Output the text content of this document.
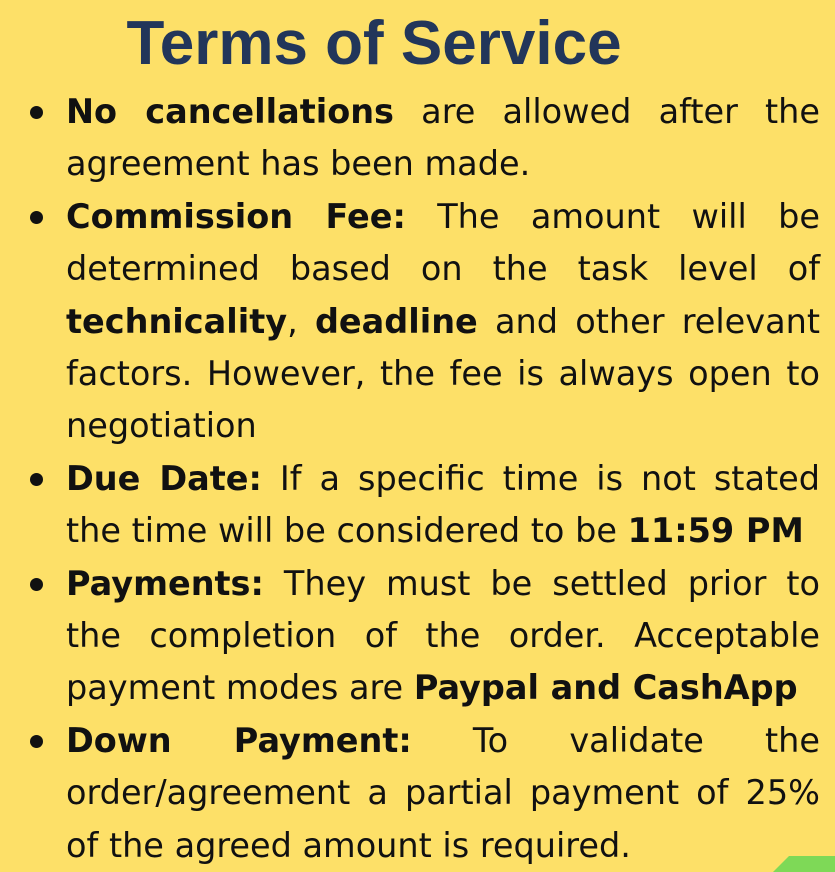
Terms of Service
No cancellations are allowed after the agreement has been made.
Commission Fee: The amount will be determined based on the task level of technicality, deadline and other relevant factors. However, the fee is always open to negotiation
Due Date: If a specific time is not stated the time will be considered to be 11:59 PM
Payments: They must be settled prior to the completion of the order. Acceptable payment modes are Paypal and CashApp
Down Payment: To validate the order/agreement a partial payment of 25% of the agreed amount is required.
